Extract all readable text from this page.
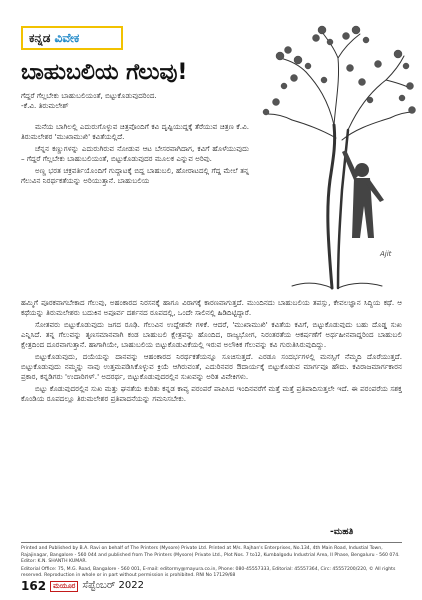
ಕನ್ನಡ ವಿವೇಕ
ಬಾಹುಬಲಿಯ ಗೆಲುವು!
ಗೆದ್ದರೆ ಗೆಲ್ಲಬೇಕು ಬಾಹುಬಲಿಯಂತೆ, ಬಿಟ್ಟುಕೊಡುವುದರಿಂದ.
-ಕೆ.ವಿ. ತಿರುಮಲೇಶ್
Ajit

ಮನೆಯ ಬಾಗಿಲಲ್ಲಿ ಎದುರುಗೊಳ್ಳುವ ಚಿತ್ರವೊಂದಿಗೆ ಕವಿ ದೃಷ್ಟಿಯುದ್ದಕ್ಕೆ ತೆರೆಯುವ ಚಿತ್ರಣ ಕೆ.ವಿ. ತಿರುಮಲೇಶರ 'ಮುಖಾಮುಖಿ' ಕವಿತೆಯಲ್ಲಿದೆ.

ಚೆನ್ನನ ಕಣ್ಣುಗಳನ್ನು ಎದುರುಗಿರುವ ನೋಡುವ ಆಟ ಬೇಸರವಾಗಿದಾಗ, ಕವಿಗೆ ಹೊಳೆಯುವುದು – ಗೆದ್ದರೆ ಗೆಲ್ಲಬೇಕು ಬಾಹುಬಲಿಯಂತೆ, ಬಿಟ್ಟುಕೊಡುವುದರ ಮೂಲಕ ಎನ್ನುವ ಅರಿವು.

ಅಣ್ಣ ಭರತ ಚಕ್ರವರ್ತಿಯೊಂದಿಗೆ ಗುದ್ದಾಟಕ್ಕೆ ಬಿದ್ದ ಬಾಹುಬಲಿ, ಹೋರಾಟದಲ್ಲಿ ಗೆದ್ದ ಮೇಲೆ ತನ್ನ ಗೆಲುವಿನ ನಿರರ್ಥಕತೆಯನ್ನು ಅರಿಯುತ್ತಾನೆ. ಬಾಹುಬಲಿಯ

ಹಮ್ಮಿಗೆ ಪೂರಕವಾಗಬೇಕಾದ ಗೆಲುವು, ಅಹಂಕಾರದ ನಿರಸನಕ್ಕೆ ಹಾಗೂ ವಿರಾಗಕ್ಕೆ ಕಾರಣವಾಗುತ್ತದೆ. ಮುಂದಿನದು ಬಾಹುಬಲಿಯ ತಪಸ್ಸು, ಕೇವಲಜ್ಞಾನ ಸಿದ್ಧಿಯ ಕಥೆ. ಆ ಕಥೆಯನ್ನು ತಿರುಮಲೇಶರು ಬದುಕಿನ ಅಪೂರ್ವ ದರ್ಶನದ ರೂಪದಲ್ಲಿ, ಒಂದೇ ಸಾಲಿನಲ್ಲಿ ಹಿಡಿದಿಟ್ಟಿದ್ದಾರೆ.

ಸೋತವರು ಬಿಟ್ಟುಕೊಡುವುದು ಜಗದ ರೂಢಿ. ಗೆಲುವಿನ ಉದ್ದೇಶವೇ ಗಳಿಕೆ. ಆದರೆ, 'ಮುಖಾಮುಖಿ' ಕವಿತೆಯ ಕವಿಗೆ, ಬಿಟ್ಟುಕೊಡುವುದು ಬಹು ದೊಡ್ಡ ಸುಖ ಎನ್ನಿಸಿದೆ. ತನ್ನ ಗೆಲುವನ್ನು ತೃಣಸಮಾನವಾಗಿ ಕಂಡ ಬಾಹುಬಲಿ ಕ್ಷೇತ್ರವನ್ನು ಹೊಂದಿದ, ರಾಜ್ಯಭೋಗ, ನಿರಂತರತೆಯ ಆಕರ್ಷಣೆಗೆ ಅರ್ಥಹೀನವಾದ್ದರಿಂದ ಬಾಹುಬಲಿ ಕ್ಷೇತ್ರದಿಂದ ದೂರವಾಗುತ್ತಾನೆ. ಹಾಗಾಗಿಯೇ, ಬಾಹುಬಲಿಯ ಬಿಟ್ಟುಕೊಡುವಿಕೆಯಲ್ಲಿ ಇರುವ ಅಲೌಕಿಕ ಗೆಲುವನ್ನು ಕವಿ ಗುರುತಿಸಿರುವುದಿದ್ದು.

ಬಿಟ್ಟುಕೊಡುವುದು, ದಯೆಯನ್ನು ದಾನವನ್ನು ಆಹಂಕಾರದ ನಿರರ್ಥಕತೆಯನ್ನೂ ಸೂಚಿಸುತ್ತದೆ. ಎರಡೂ ಸಂದರ್ಭಗಳಲ್ಲಿ ಮನಸ್ಸಿಗೆ ನೆಮ್ಮದಿ ದೊರೆಯುತ್ತದೆ. ಬಿಟ್ಟುಕೊಡುವುದು ನಮ್ಮನ್ನು ನಾವು ಉತ್ತಮಪಡಿಸಿಕೊಳ್ಳುವ ಕ್ರಿಯೆ ಆಗಿರುವಂತೆ, ಎದುರಿನವರ ಔದಾರ್ಯಕ್ಕೆ ಬಿಟ್ಟುಕೊಡುವ ಮಾರ್ಗವೂ ಹೌದು. ಕವಿರಾಜಮಾರ್ಗಕಾರನ ಪ್ರಕಾರ, ಕನ್ನಡಿಗರು 'ಉದಾರಿಗಳ್.' ಅದರರ್ಥ, ಬಿಟ್ಟುಕೊಡುವುದರಲ್ಲಿನ ಸುಖವನ್ನು ಅರಿತ ವಿವೇಕಿಗಳು.

ಬಿಟ್ಟು ಕೊಡುವುದರಲ್ಲಿನ ಸುಖ ಮತ್ತು ಘನತೆಯ ಕುರಿತು ಕನ್ನಡ ಕಾವ್ಯ ಪರಂಪರೆ ಪಾಪಿಸಿದ ಇಂದಿನವರೆಗೆ ಮತ್ತೆ ಮತ್ತೆ ಪ್ರತಿಪಾದಿಸುತ್ತಲೇ ಇದೆ. ಈ ಪರಂಪರೆಯ ಸಶಕ್ತ ಕೊಂಡಿಯ ರೂಪದಲ್ಲೂ ತಿರುಮಲೇಶರ ಪ್ರತಿಪಾದನೆಯನ್ನು ಗಮನಿಸಬೇಕು.

-ಮಹತಿ

Printed and Published by B.A. Ravi on behalf of The Printers (Mysore) Private Ltd. Printed at M/s. Rajhan's Enterprises, No.134, 4th Main Road, Industial Town, Rajajinagar, Bangalore - 560 044 and published from The Printers (Mysore) Private Ltd., Plot Nos. 7 to12, Kumbalgodu Industrial Area, II Phase, Bengaluru - 560 074. Editor: K.N. SHANTH KUMAR.

Editorial Office: 75, M.G. Road, Bangalore - 560 001, E-mail: editormy@mayura.co.in, Phone: 080-45557333, Editorial: 45557364, Circ: 45557200/220, © All rights reserved. Reproduction in whole or in part without permission is prohibited. RNI No 17129/68

162	ಮಯೂರ ಸೆಪ್ಟೆಂಬರ್ 2022
